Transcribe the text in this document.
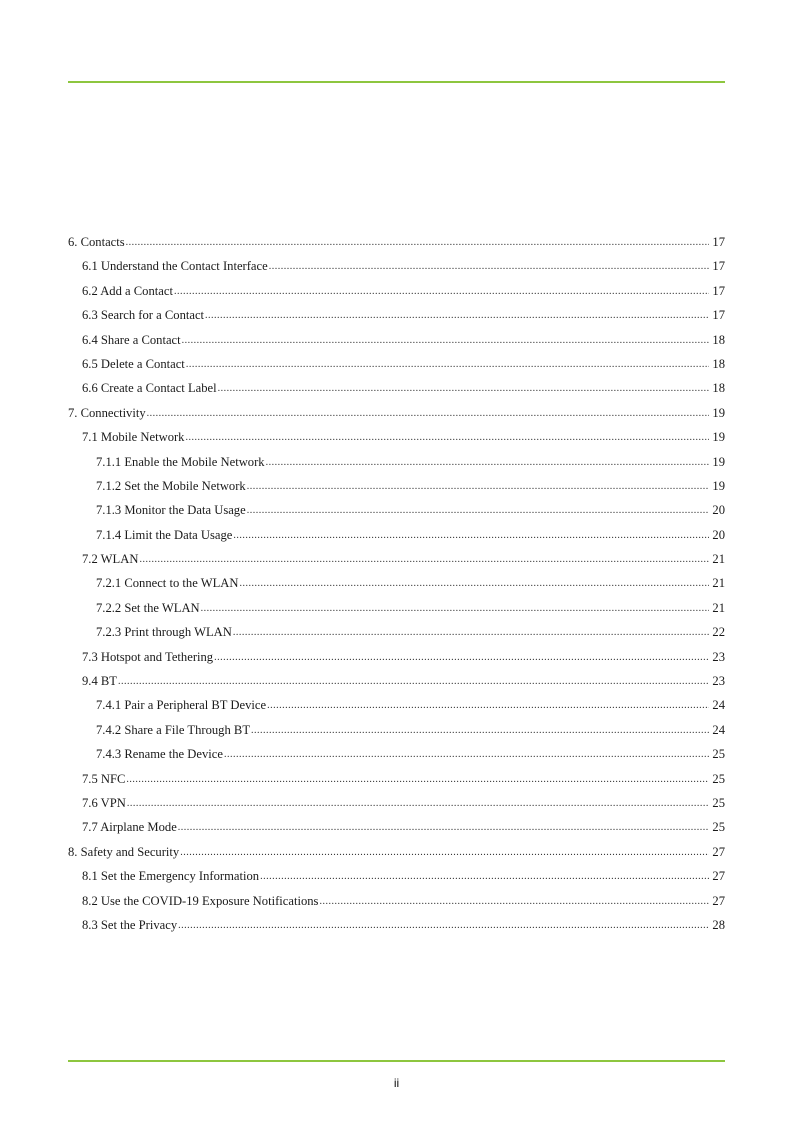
6. Contacts .....	17
6.1 Understand the Contact Interface .....	17
6.2 Add a Contact .....	17
6.3 Search for a Contact .....	17
6.4 Share a Contact .....	18
6.5 Delete a Contact .....	18
6.6 Create a Contact Label .....	18
7. Connectivity .....	19
7.1 Mobile Network .....	19
7.1.1 Enable the Mobile Network .....	19
7.1.2 Set the Mobile Network .....	19
7.1.3 Monitor the Data Usage .....	20
7.1.4 Limit the Data Usage .....	20
7.2 WLAN .....	21
7.2.1 Connect to the WLAN .....	21
7.2.2 Set the WLAN .....	21
7.2.3 Print through WLAN .....	22
7.3 Hotspot and Tethering .....	23
9.4 BT .....	23
7.4.1 Pair a Peripheral BT Device .....	24
7.4.2 Share a File Through BT .....	24
7.4.3 Rename the Device .....	25
7.5 NFC .....	25
7.6 VPN .....	25
7.7 Airplane Mode .....	25
8. Safety and Security .....	27
8.1 Set the Emergency Information .....	27
8.2 Use the COVID-19 Exposure Notifications .....	27
8.3 Set the Privacy .....	28
ii
